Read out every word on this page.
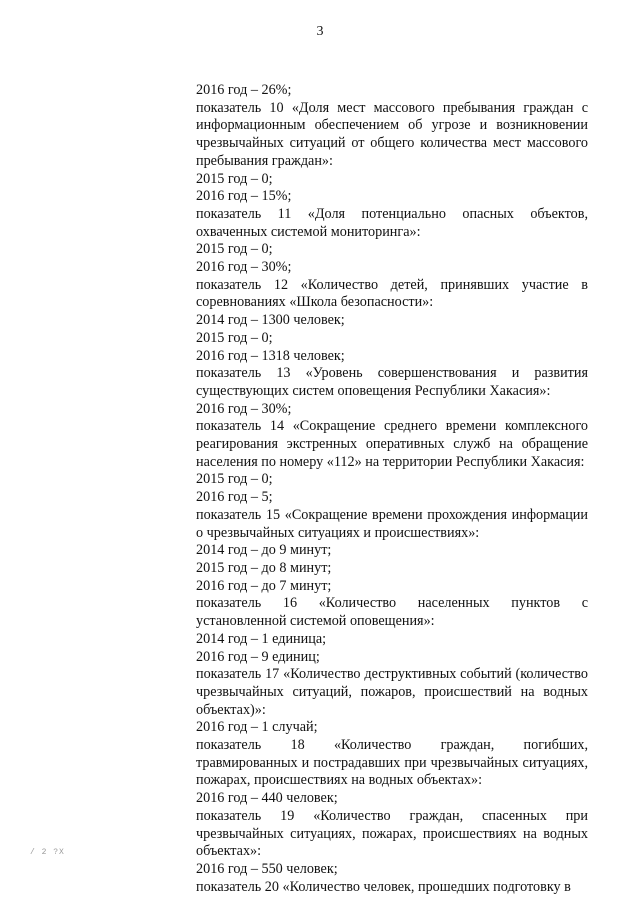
3

2016 год – 26%;

показатель 10 «Доля мест массового пребывания граждан с информационным обеспечением об угрозе и возникновении чрезвычайных ситуаций от общего количества мест массового пребывания граждан»:

2015 год – 0;

2016 год – 15%;

показатель 11 «Доля потенциально опасных объектов, охваченных системой мониторинга»:

2015 год – 0;

2016 год – 30%;

показатель 12 «Количество детей, принявших участие в соревнованиях «Школа безопасности»:

2014 год – 1300 человек;

2015 год – 0;

2016 год – 1318 человек;

показатель 13 «Уровень совершенствования и развития существующих систем оповещения Республики Хакасия»:

2016 год – 30%;

показатель 14 «Сокращение среднего времени комплексного реагирования экстренных оперативных служб на обращение населения по номеру «112» на территории Республики Хакасия:

2015 год – 0;

2016 год – 5;

показатель 15 «Сокращение времени прохождения информации о чрезвычайных ситуациях и происшествиях»:

2014 год – до 9 минут;

2015 год – до 8 минут;

2016 год – до 7 минут;

показатель 16 «Количество населенных пунктов с установленной системой оповещения»:

2014 год – 1 единица;

2016 год – 9 единиц;

показатель 17 «Количество деструктивных событий (количество чрезвычайных ситуаций, пожаров, происшествий на водных объектах)»:

2016 год – 1 случай;

показатель 18 «Количество граждан, погибших, травмированных и пострадавших при чрезвычайных ситуациях, пожарах, происшествиях на водных объектах»:

2016 год – 440 человек;

показатель 19 «Количество граждан, спасенных при чрезвычайных ситуациях, пожарах, происшествиях на водных объектах»:

2016 год – 550 человек;

показатель 20 «Количество человек, прошедших подготовку в

/ 2 ?X
